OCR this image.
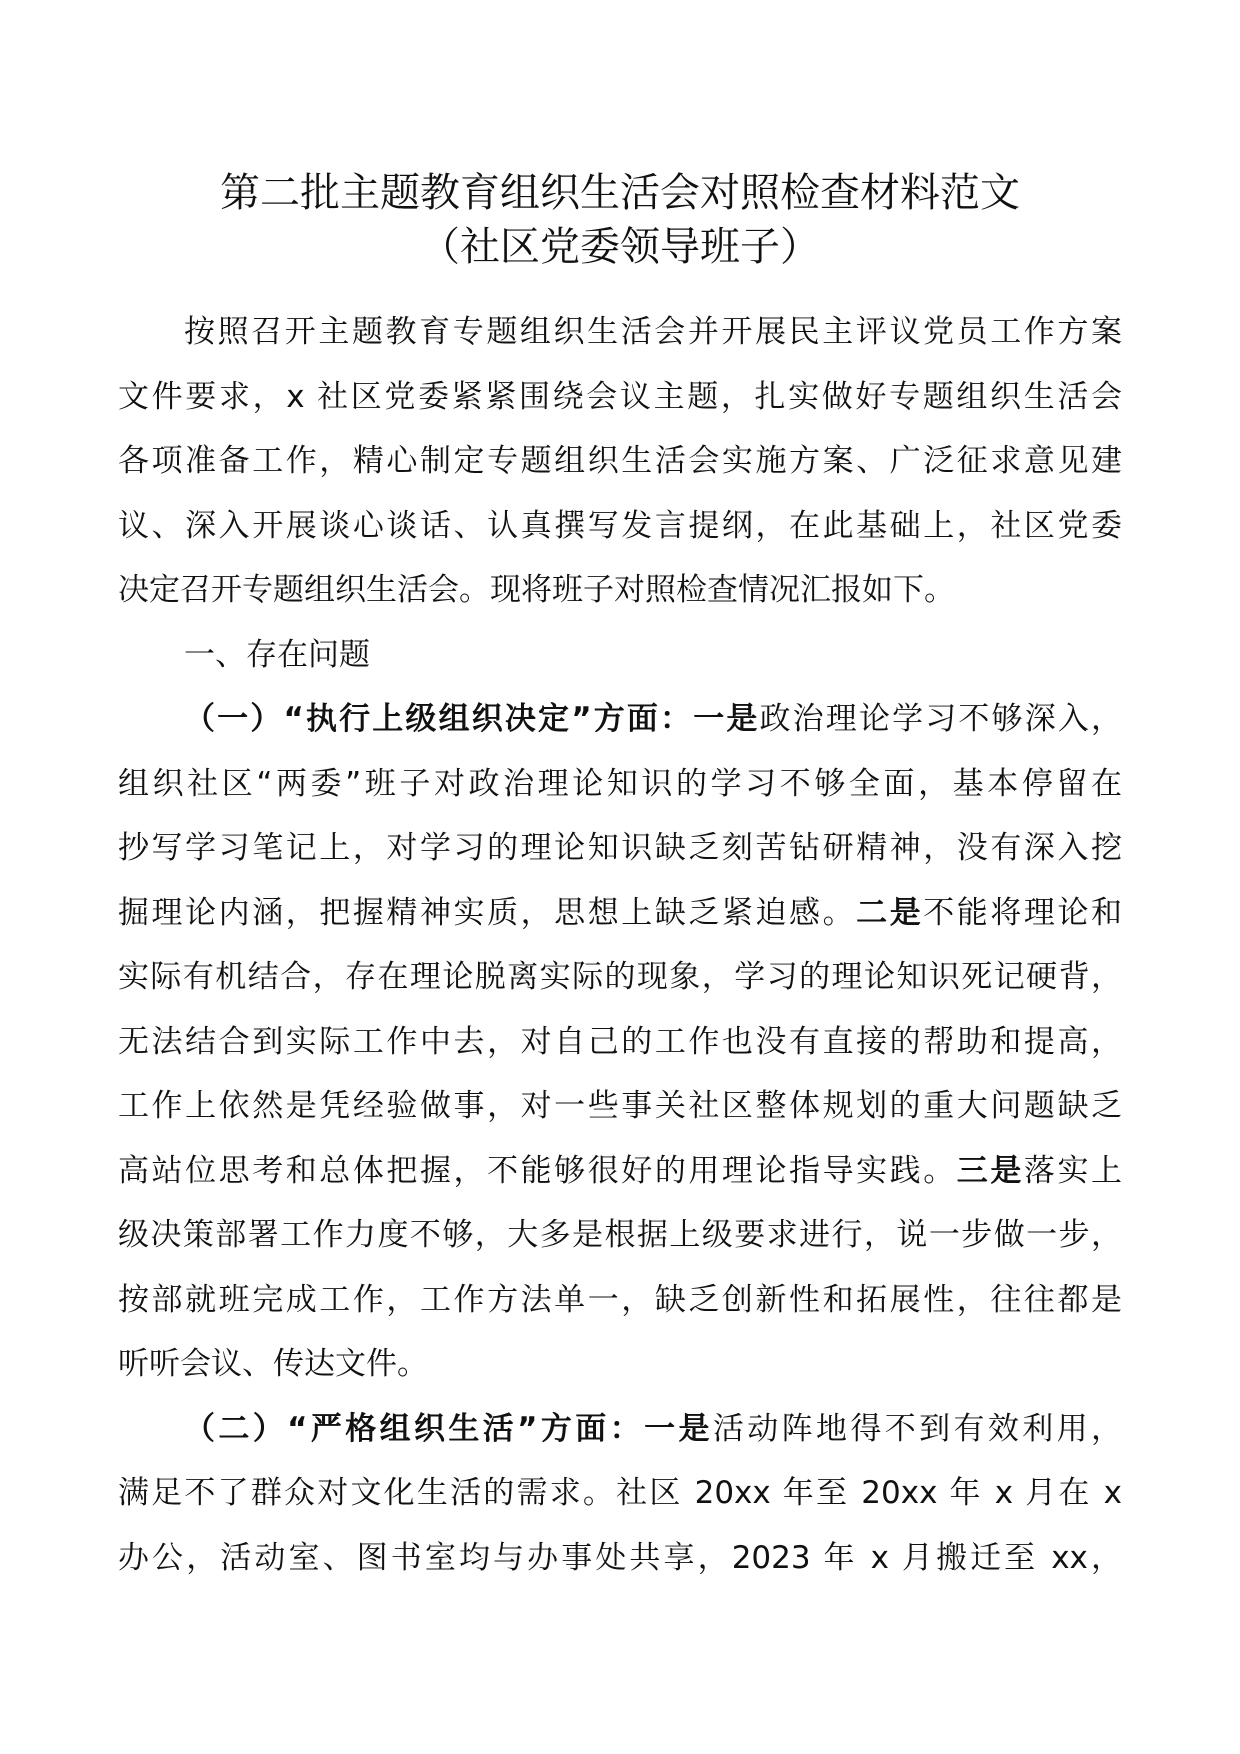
第二批主题教育组织生活会对照检查材料范文
（社区党委领导班子）
按照召开主题教育专题组织生活会并开展民主评议党员工作方案
文件要求，x 社区党委紧紧围绕会议主题，扎实做好专题组织生活会
各项准备工作，精心制定专题组织生活会实施方案、广泛征求意见建
议、深入开展谈心谈话、认真撰写发言提纲，在此基础上，社区党委
决定召开专题组织生活会。现将班子对照检查情况汇报如下。
一、存在问题
（一）“执行上级组织决定”方面：一是政治理论学习不够深入，
组织社区“两委”班子对政治理论知识的学习不够全面，基本停留在
抄写学习笔记上，对学习的理论知识缺乏刻苦钻研精神，没有深入挖
掘理论内涵，把握精神实质，思想上缺乏紧迫感。二是不能将理论和
实际有机结合，存在理论脱离实际的现象，学习的理论知识死记硬背，
无法结合到实际工作中去，对自己的工作也没有直接的帮助和提高，
工作上依然是凭经验做事，对一些事关社区整体规划的重大问题缺乏
高站位思考和总体把握，不能够很好的用理论指导实践。三是落实上
级决策部署工作力度不够，大多是根据上级要求进行，说一步做一步，
按部就班完成工作，工作方法单一，缺乏创新性和拓展性，往往都是
听听会议、传达文件。
（二）“严格组织生活”方面：一是活动阵地得不到有效利用，
满足不了群众对文化生活的需求。社区 20xx 年至 20xx 年 x 月在 x
办公，活动室、图书室均与办事处共享，2023 年 x 月搬迁至 xx，
